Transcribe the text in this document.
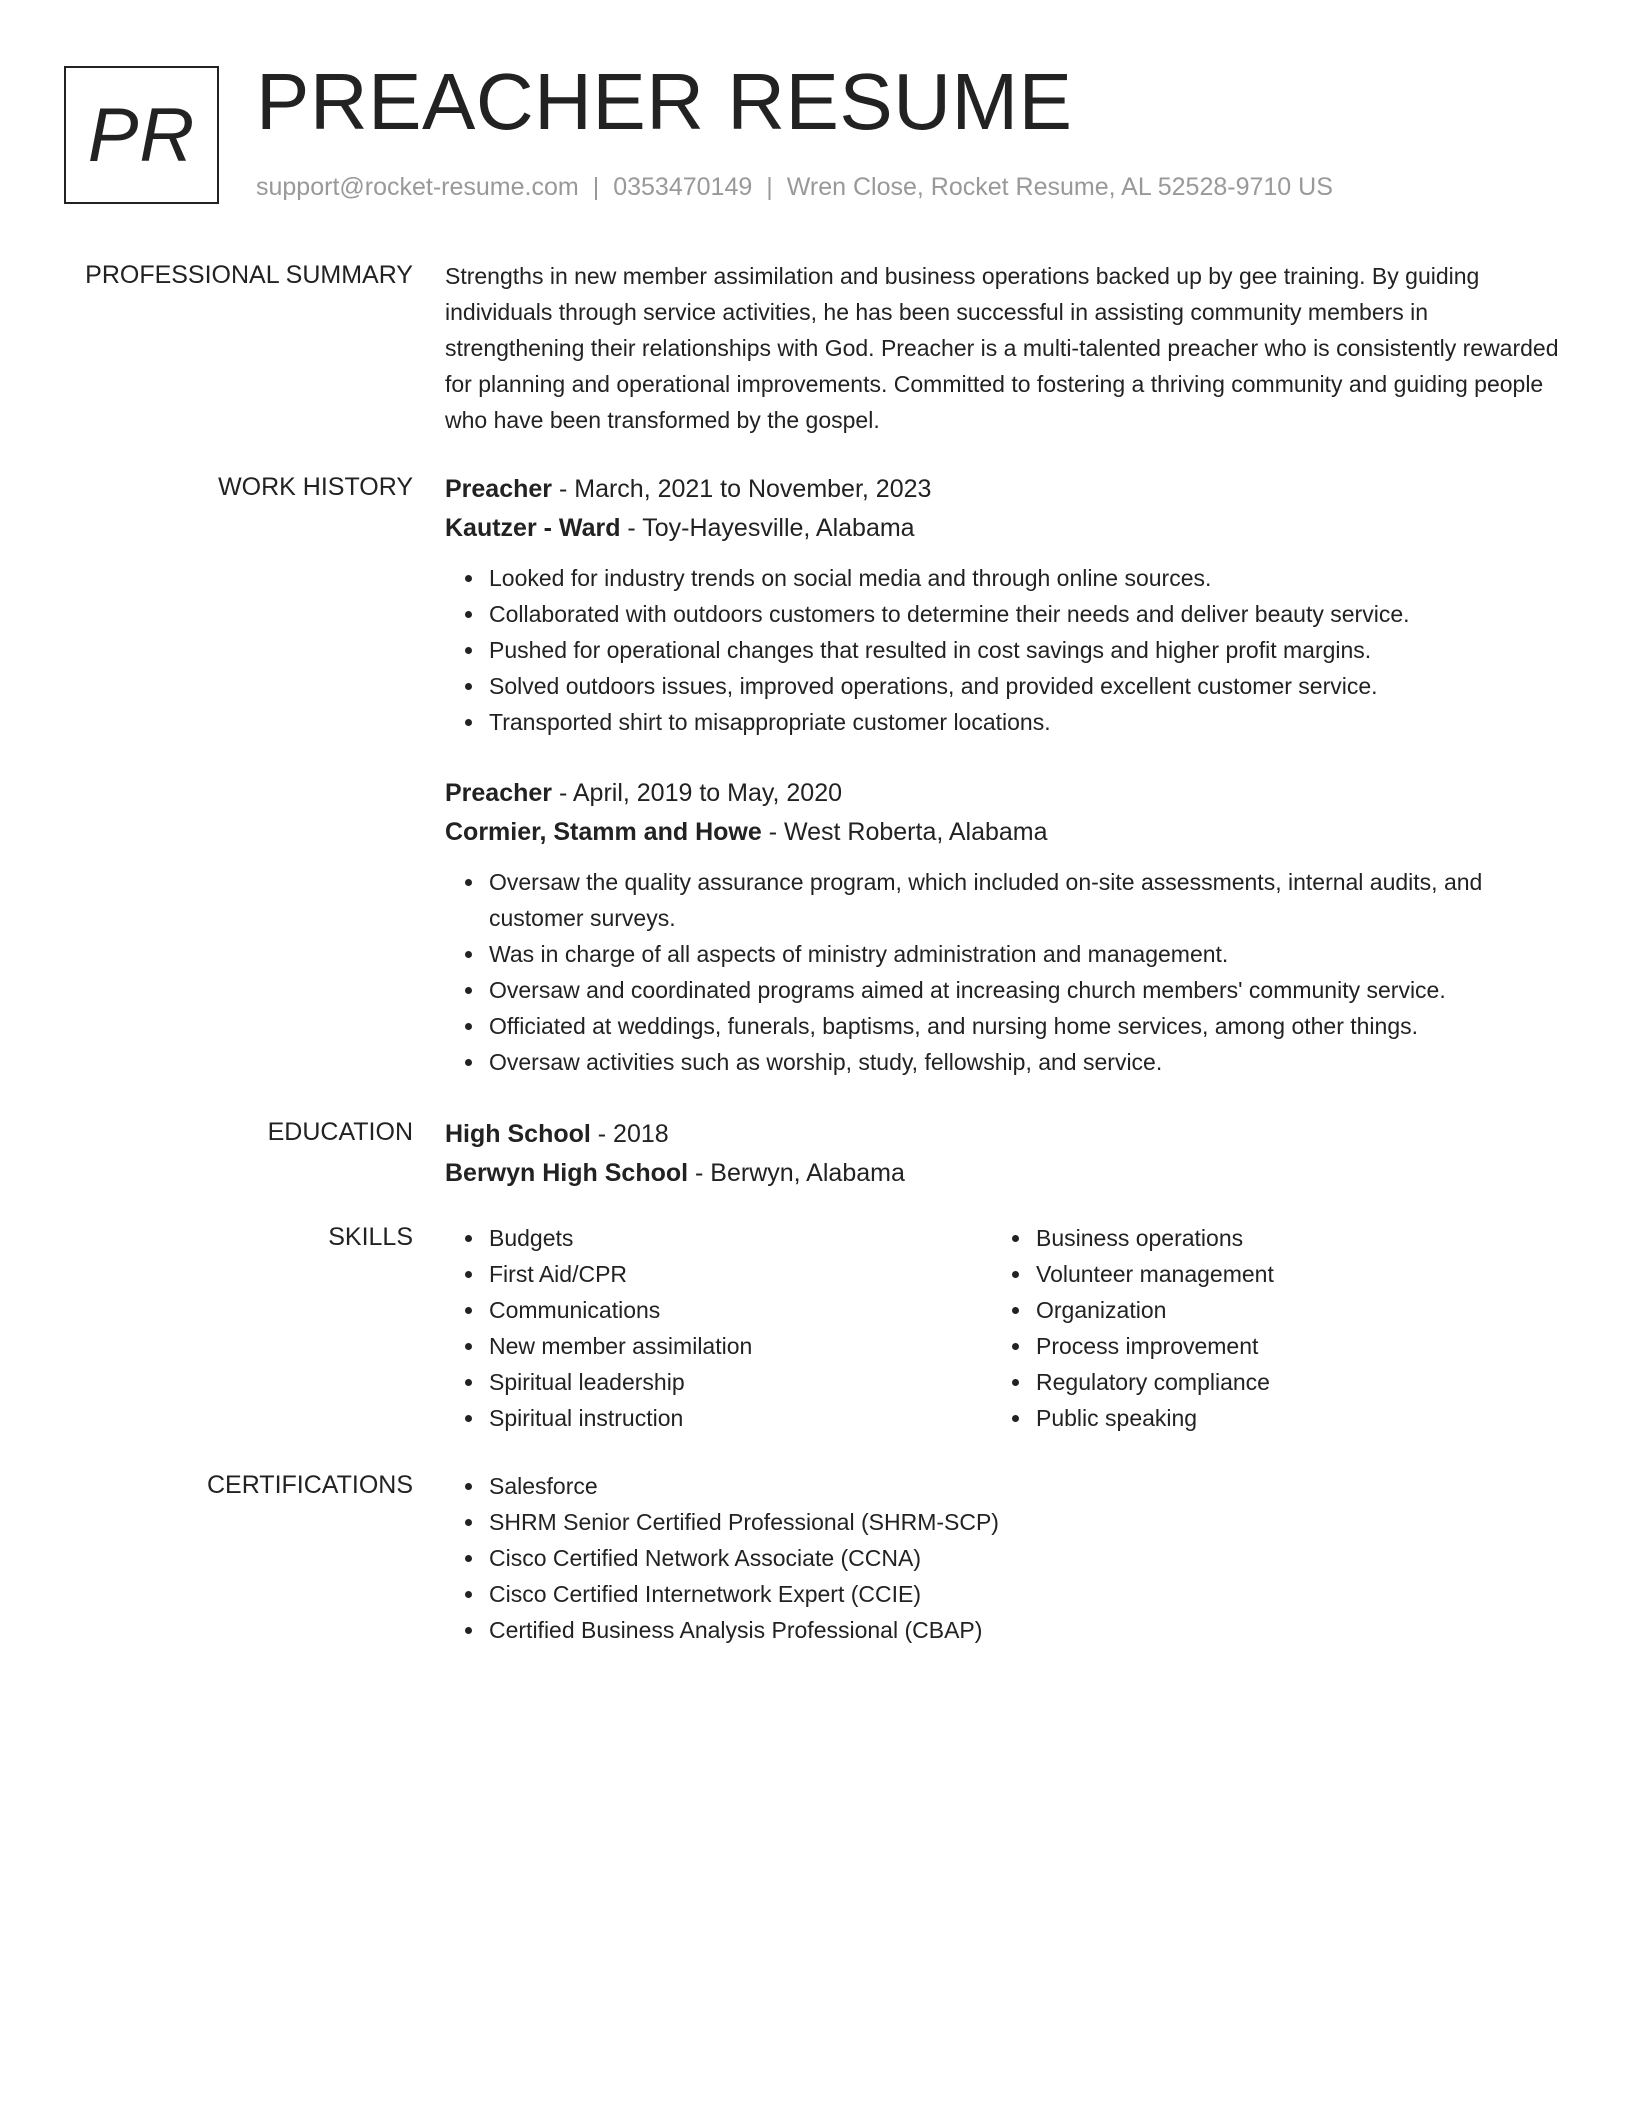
PR PREACHER RESUME
support@rocket-resume.com | 0353470149 | Wren Close, Rocket Resume, AL 52528-9710 US
PROFESSIONAL SUMMARY Strengths in new member assimilation and business operations backed up by gee training. By guiding individuals through service activities, he has been successful in assisting community members in strengthening their relationships with God. Preacher is a multi-talented preacher who is consistently rewarded for planning and operational improvements. Committed to fostering a thriving community and guiding people who have been transformed by the gospel.

WORK HISTORY Preacher - March, 2021 to November, 2023

Kautzer - Ward - Toy-Hayesville, Alabama

Looked for industry trends on social media and through online sources.
Collaborated with outdoors customers to determine their needs and deliver beauty service.
Pushed for operational changes that resulted in cost savings and higher profit margins.
Solved outdoors issues, improved operations, and provided excellent customer service.
Transported shirt to misappropriate customer locations.

Preacher - April, 2019 to May, 2020

Cormier, Stamm and Howe - West Roberta, Alabama

Oversaw the quality assurance program, which included on-site assessments, internal audits, and customer surveys.
Was in charge of all aspects of ministry administration and management.
Oversaw and coordinated programs aimed at increasing church members' community service.
Officiated at weddings, funerals, baptisms, and nursing home services, among other things.
Oversaw activities such as worship, study, fellowship, and service.
EDUCATION High School - 2018

Berwyn High School - Berwyn, Alabama

SKILLS	Budgets
First Aid/CPR
Communications
New member assimilation
Spiritual leadership
Spiritual instruction
Business operations
Volunteer management
Organization
Process improvement
Regulatory compliance
Public speaking
CERTIFICATIONS	Salesforce
SHRM Senior Certified Professional (SHRM-SCP)
Cisco Certified Network Associate (CCNA)
Cisco Certified Internetwork Expert (CCIE)
Certified Business Analysis Professional (CBAP)
